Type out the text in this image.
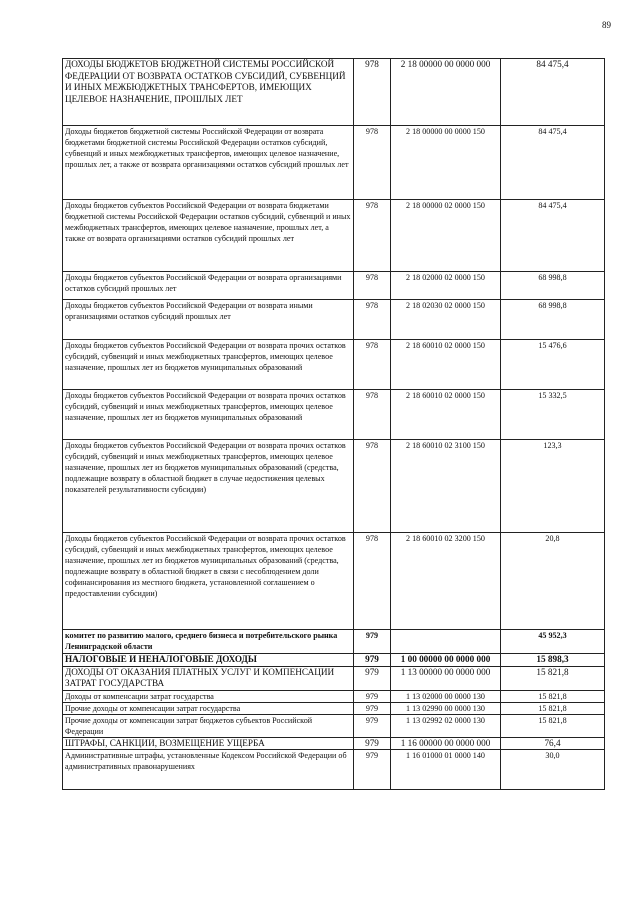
89
ДОХОДЫ БЮДЖЕТОВ БЮДЖЕТНОЙ СИСТЕМЫ РОССИЙСКОЙ ФЕДЕРАЦИИ ОТ ВОЗВРАТА ОСТАТКОВ СУБСИДИЙ, СУБВЕНЦИЙ И ИНЫХ МЕЖБЮДЖЕТНЫХ ТРАНСФЕРТОВ, ИМЕЮЩИХ ЦЕЛЕВОЕ НАЗНАЧЕНИЕ, ПРОШЛЫХ ЛЕТ	978	2 18 00000 00 0000 000	84 475,4
Доходы бюджетов бюджетной системы Российской Федерации от возврата бюджетами бюджетной системы Российской Федерации остатков субсидий, субвенций и иных межбюджетных трансфертов, имеющих целевое назначение, прошлых лет, а также от возврата организациями остатков субсидий прошлых лет	978	2 18 00000 00 0000 150	84 475,4
Доходы бюджетов субъектов Российской Федерации от возврата бюджетами бюджетной системы Российской Федерации остатков субсидий, субвенций и иных межбюджетных трансфертов, имеющих целевое назначение, прошлых лет, а также от возврата организациями остатков субсидий прошлых лет	978	2 18 00000 02 0000 150	84 475,4
Доходы бюджетов субъектов Российской Федерации от возврата организациями остатков субсидий прошлых лет	978	2 18 02000 02 0000 150	68 998,8
Доходы бюджетов субъектов Российской Федерации от возврата иными организациями остатков субсидий прошлых лет	978	2 18 02030 02 0000 150	68 998,8
Доходы бюджетов субъектов Российской Федерации от возврата прочих остатков субсидий, субвенций и иных межбюджетных трансфертов, имеющих целевое назначение, прошлых лет из бюджетов муниципальных образований	978	2 18 60010 02 0000 150	15 476,6
Доходы бюджетов субъектов Российской Федерации от возврата прочих остатков субсидий, субвенций и иных межбюджетных трансфертов, имеющих целевое назначение, прошлых лет из бюджетов муниципальных образований	978	2 18 60010 02 0000 150	15 332,5
Доходы бюджетов субъектов Российской Федерации от возврата прочих остатков субсидий, субвенций и иных межбюджетных трансфертов, имеющих целевое назначение, прошлых лет из бюджетов муниципальных образований (средства, подлежащие возврату в областной бюджет в случае недостижения целевых показателей результативности субсидии)	978	2 18 60010 02 3100 150	123,3
Доходы бюджетов субъектов Российской Федерации от возврата прочих остатков субсидий, субвенций и иных межбюджетных трансфертов, имеющих целевое назначение, прошлых лет из бюджетов муниципальных образований (средства, подлежащие возврату в областной бюджет в связи с несоблюдением доли софинансирования из местного бюджета, установленной соглашением о предоставлении субсидии)	978	2 18 60010 02 3200 150	20,8
комитет по развитию малого, среднего бизнеса и потребительского рынка Ленинградской области	979		45 952,3
НАЛОГОВЫЕ И НЕНАЛОГОВЫЕ ДОХОДЫ	979	1 00 00000 00 0000 000	15 898,3
ДОХОДЫ ОТ ОКАЗАНИЯ ПЛАТНЫХ УСЛУГ И КОМПЕНСАЦИИ ЗАТРАТ ГОСУДАРСТВА	979	1 13 00000 00 0000 000	15 821,8
Доходы от компенсации затрат государства	979	1 13 02000 00 0000 130	15 821,8
Прочие доходы от компенсации затрат государства	979	1 13 02990 00 0000 130	15 821,8
Прочие доходы от компенсации затрат бюджетов субъектов Российской Федерации	979	1 13 02992 02 0000 130	15 821,8
ШТРАФЫ, САНКЦИИ, ВОЗМЕЩЕНИЕ УЩЕРБА	979	1 16 00000 00 0000 000	76,4
Административные штрафы, установленные Кодексом Российской Федерации об административных правонарушениях	979	1 16 01000 01 0000 140	30,0
